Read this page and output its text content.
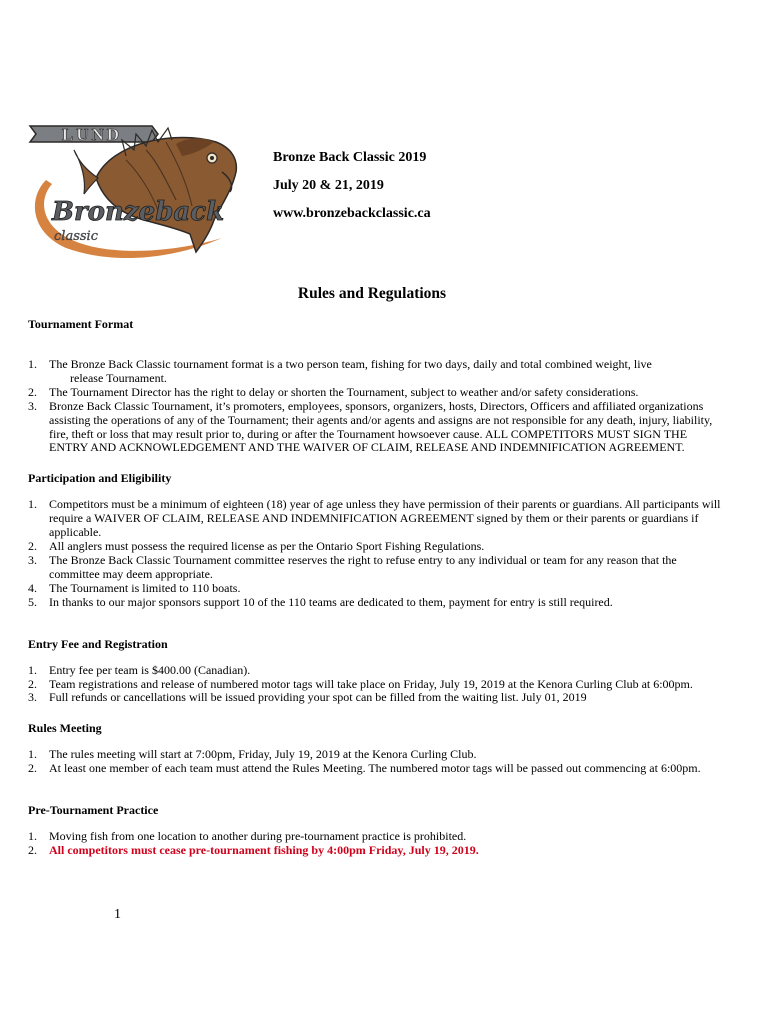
LUND
Bronzeback
classic
Bronze Back Classic 2019
July 20 & 21, 2019
www.bronzebackclassic.ca
Rules and Regulations
Tournament Format
1. The Bronze Back Classic tournament format is a two person team, fishing for two days, daily and total combined weight, live
release Tournament.
2. The Tournament Director has the right to delay or shorten the Tournament, subject to weather and/or safety considerations.
3. Bronze Back Classic Tournament, it’s promoters, employees, sponsors, organizers, hosts, Directors, Officers and affiliated organizations assisting the operations of any of the Tournament; their agents and/or agents and assigns are not responsible for any death, injury, liability, fire, theft or loss that may result prior to, during or after the Tournament howsoever cause. ALL COMPETITORS MUST SIGN THE ENTRY AND ACKNOWLEDGEMENT AND THE WAIVER OF CLAIM, RELEASE AND INDEMNIFICATION AGREEMENT.
Participation and Eligibility
1. Competitors must be a minimum of eighteen (18) year of age unless they have permission of their parents or guardians. All participants will require a WAIVER OF CLAIM, RELEASE AND INDEMNIFICATION AGREEMENT signed by them or their parents or guardians if applicable.
2. All anglers must possess the required license as per the Ontario Sport Fishing Regulations.
3. The Bronze Back Classic Tournament committee reserves the right to refuse entry to any individual or team for any reason that the committee may deem appropriate.
4. The Tournament is limited to 110 boats.
5. In thanks to our major sponsors support 10 of the 110 teams are dedicated to them, payment for entry is still required.
Entry Fee and Registration
1. Entry fee per team is $400.00 (Canadian).
2. Team registrations and release of numbered motor tags will take place on Friday, July 19, 2019 at the Kenora Curling Club at 6:00pm.
3. Full refunds or cancellations will be issued providing your spot can be filled from the waiting list. July 01, 2019
Rules Meeting
1. The rules meeting will start at 7:00pm, Friday, July 19, 2019 at the Kenora Curling Club.
2. At least one member of each team must attend the Rules Meeting. The numbered motor tags will be passed out commencing at 6:00pm.
Pre-Tournament Practice
1. Moving fish from one location to another during pre-tournament practice is prohibited.
2. All competitors must cease pre-tournament fishing by 4:00pm Friday, July 19, 2019.
1
